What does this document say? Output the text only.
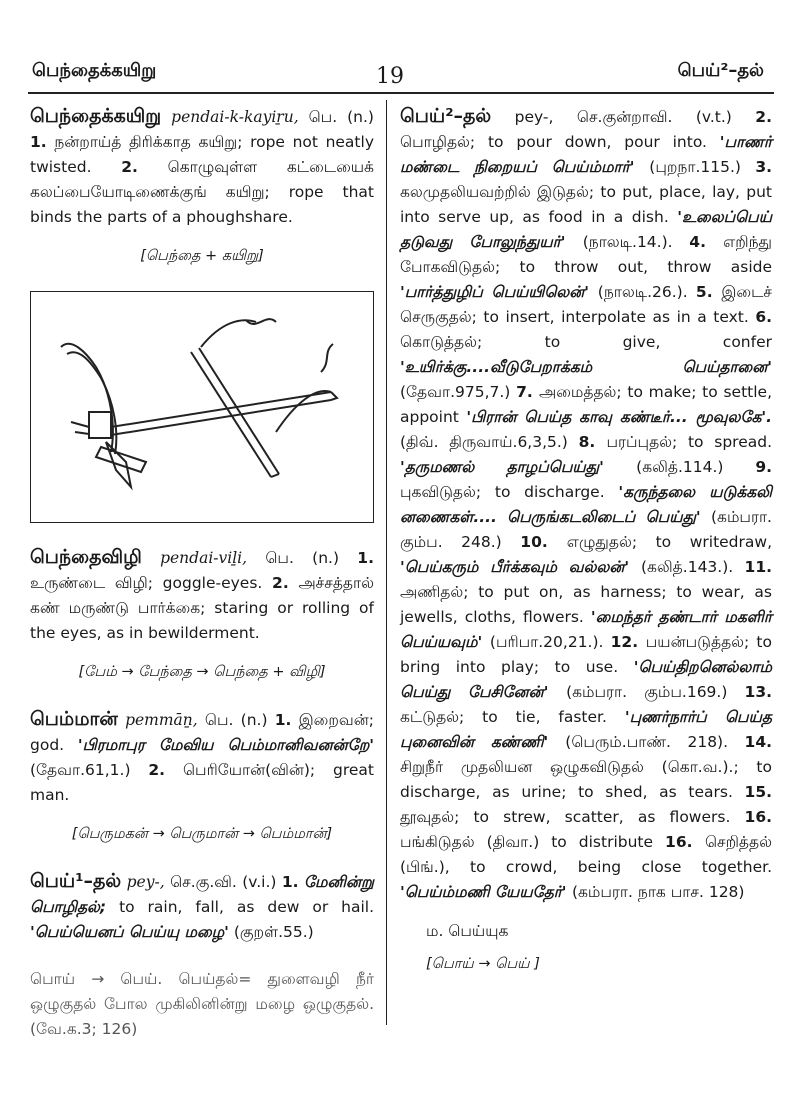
பெந்தைக்கயிறு	19	பெய்²–தல்

பெந்தைக்கயிறு pendai-k-kayiṟu, பெ. (n.) 1. நன்றாய்த் திரிக்காத கயிறு; rope not neatly twisted. 2. கொழுவுள்ள கட்டையைக் கலப்பையோடிணைக்குங் கயிறு; rope that binds the parts of a phoughshare.

[பெந்தை + கயிறு]

பெந்தைவிழி pendai-viḻi, பெ. (n.) 1. உருண்டை விழி; goggle-eyes. 2. அச்சத்தால் கண் மருண்டு பார்க்கை; staring or rolling of the eyes, as in bewilderment.

[பேம் → பேந்தை → பெந்தை + விழி]

பெம்மான் pemmāṉ, பெ. (n.) 1. இறைவன்; god. 'பிரமாபுர மேவிய பெம்மானிவனன்றே' (தேவா.61,1.) 2. பெரியோன்(வின்); great man.

[பெருமகன் → பெருமான் → பெம்மான்]

பெய்¹–தல் pey-, செ.கு.வி. (v.i.) 1. மேனின்று பொழிதல்; to rain, fall, as dew or hail. 'பெய்யெனப் பெய்யு மழை' (குறள்.55.)

பொய் → பெய். பெய்தல்= துளைவழி நீர் ஒழுகுதல் போல முகிலினின்று மழை ஒழுகுதல். (வே.க.3; 126)

பெய்²–தல் pey-, செ.குன்றாவி. (v.t.) 2. பொழிதல்; to pour down, pour into. 'பாணர் மண்டை நிறையப் பெய்ம்மார்' (புறநா.115.) 3. கலமுதலியவற்றில் இடுதல்; to put, place, lay, put into serve up, as food in a dish. 'உலைப்பெய் தடுவது போலுந்துயர்' (நாலடி.14.). 4. எறிந்து போகவிடுதல்; to throw out, throw aside 'பார்த்துழிப் பெய்யிலென்' (நாலடி.26.). 5. இடைச் செருகுதல்; to insert, interpolate as in a text. 6. கொடுத்தல்; to give, confer 'உயிர்க்கு....வீடுபேறாக்கம் பெய்தானை' (தேவா.975,7.) 7. அமைத்தல்; to make; to settle, appoint 'பிரான் பெய்த காவு கண்டீர்... மூவுலகே'. (திவ். திருவாய்.6,3,5.) 8. பரப்புதல்; to spread. 'தருமணல் தாழப்பெய்து' (கலித்.114.) 9. புகவிடுதல்; to discharge. 'கருந்தலை யடுக்கலி னணைகள்.... பெருங்கடலிடைப் பெய்து' (கம்பரா. கும்ப. 248.) 10. எழுதுதல்; to writedraw, 'பெய்கரும் பீர்க்கவும் வல்லன்' (கலித்.143.). 11. அணிதல்; to put on, as harness; to wear, as jewells, cloths, flowers. 'மைந்தர் தண்டார் மகளிர் பெய்யவும்' (பரிபா.20,21.). 12. பயன்படுத்தல்; to bring into play; to use. 'பெய்திறனெல்லாம் பெய்து பேசினேன்' (கம்பரா. கும்ப.169.) 13. கட்டுதல்; to tie, faster. 'புணர்நார்ப் பெய்த புனைவின் கண்ணி' (பெரும்.பாண். 218). 14. சிறுநீர் முதலியன ஒழுகவிடுதல் (கொ.வ.).; to discharge, as urine; to shed, as tears. 15. தூவுதல்; to strew, scatter, as flowers. 16. பங்கிடுதல் (திவா.) to distribute 16. செறித்தல் (பிங்.), to crowd, being close together. 'பெய்ம்மணி யேயதேர்' (கம்பரா. நாக பாச. 128)

ம. பெய்யுக

[பொய் → பெய் ]
